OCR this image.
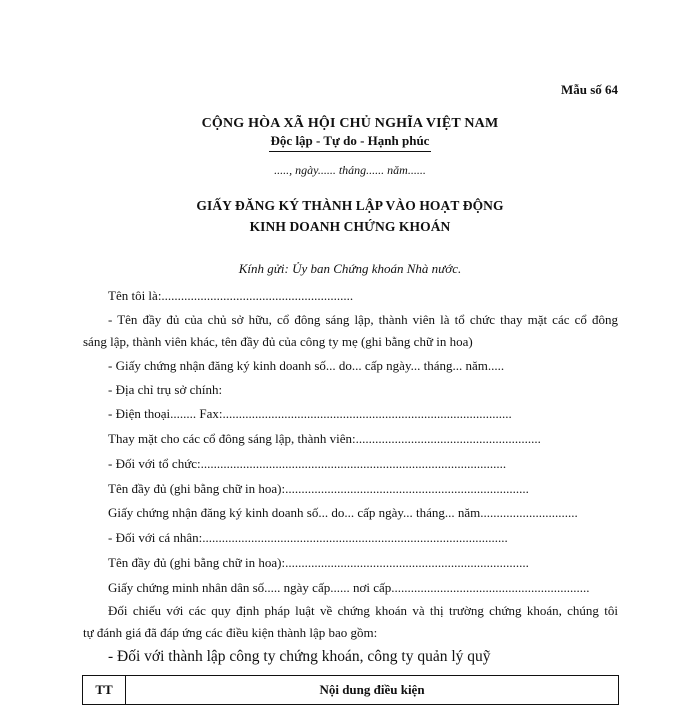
Mẫu số 64
CỘNG HÒA XÃ HỘI CHỦ NGHĨA VIỆT NAM
Độc lập - Tự do - Hạnh phúc
....., ngày...... tháng...... năm......
GIẤY ĐĂNG KÝ THÀNH LẬP VÀO HOẠT ĐỘNG
KINH DOANH CHỨNG KHOÁN
Kính gửi: Ủy ban Chứng khoán Nhà nước.
Tên tôi là:...........................................................
- Tên đầy đủ của chủ sở hữu, cổ đông sáng lập, thành viên là tổ chức thay mặt các cổ đông
sáng lập, thành viên khác, tên đầy đủ của công ty mẹ (ghi bằng chữ in hoa)
- Giấy chứng nhận đăng ký kinh doanh số... do... cấp ngày... tháng... năm.....
- Địa chỉ trụ sở chính:
- Điện thoại........ Fax:.........................................................................................
Thay mặt cho các cổ đông sáng lập, thành viên:.........................................................
- Đối với tổ chức:..............................................................................................
Tên đầy đủ (ghi bằng chữ in hoa):...........................................................................
Giấy chứng nhận đăng ký kinh doanh số... do... cấp ngày... tháng... năm..............................
- Đối với cá nhân:..............................................................................................
Tên đầy đủ (ghi bằng chữ in hoa):...........................................................................
Giấy chứng minh nhân dân số..... ngày cấp...... nơi cấp.............................................................
Đối chiếu với các quy định pháp luật về chứng khoán và thị trường chứng khoán, chúng tôi
tự đánh giá đã đáp ứng các điều kiện thành lập bao gồm:
- Đối với thành lập công ty chứng khoán, công ty quản lý quỹ
TT	Nội dung điều kiện
